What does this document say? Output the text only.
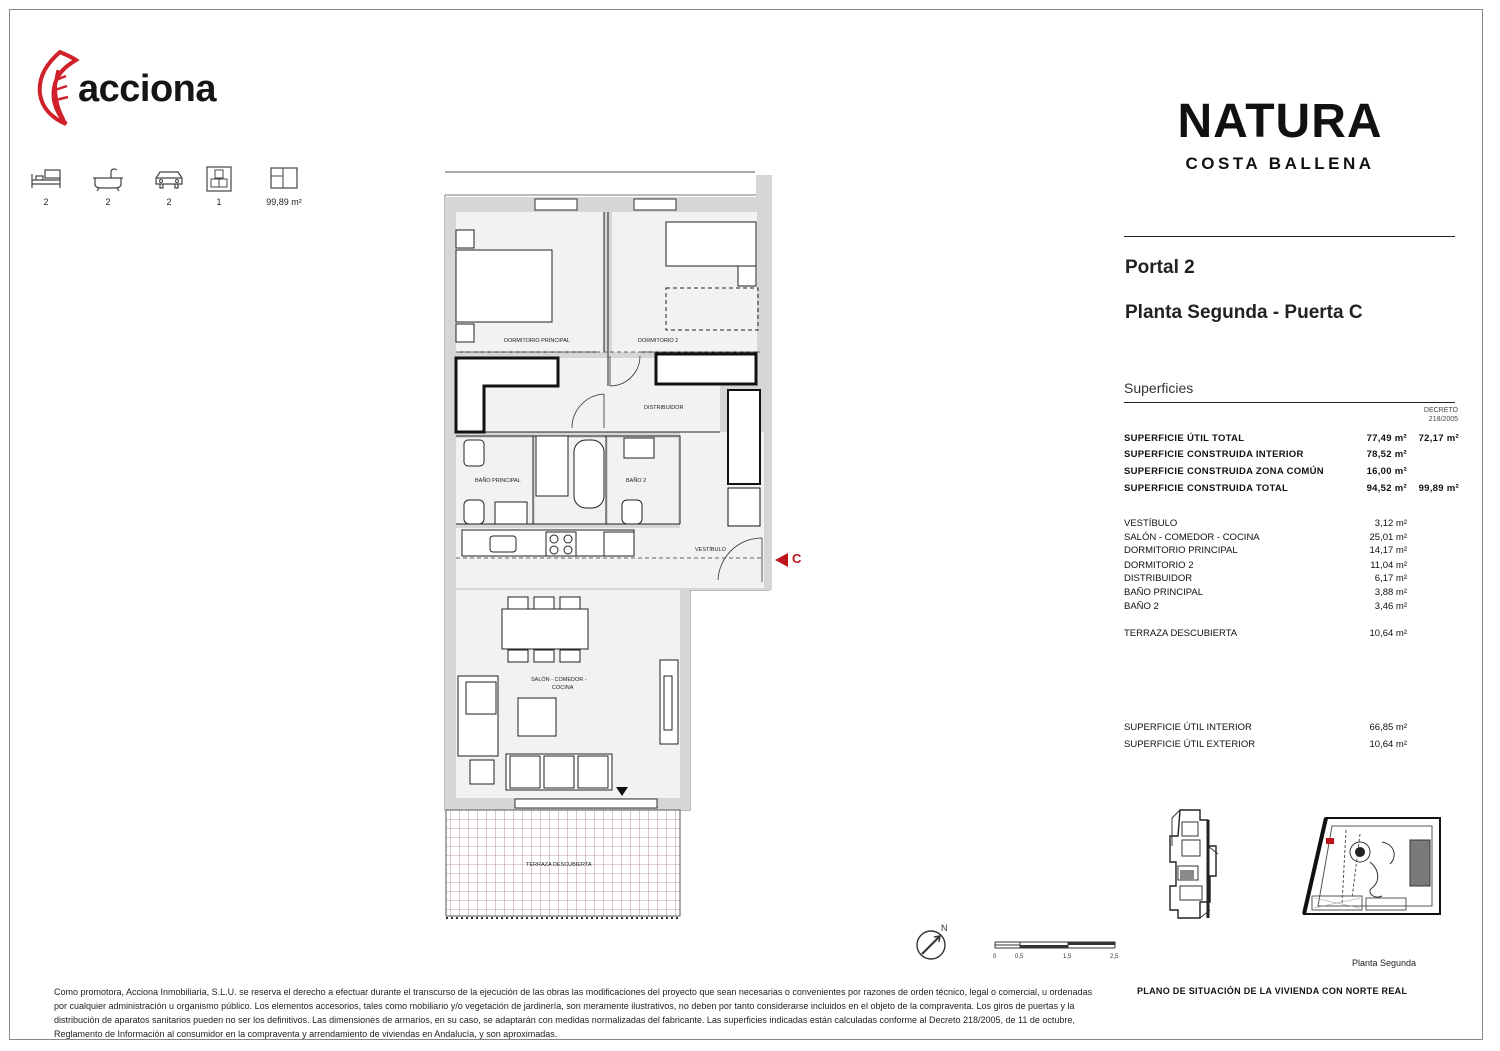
acciona
2	2	2	1	99,89 m²
NATURA
COSTA BALLENA
Portal 2
Planta Segunda - Puerta C
Superficies
DECRETO 218/2005
SUPERFICIE ÚTIL TOTAL	77,49 m² 72,17 m²
SUPERFICIE CONSTRUIDA INTERIOR	78,52 m²
SUPERFICIE CONSTRUIDA ZONA COMÚN	16,00 m²
SUPERFICIE CONSTRUIDA TOTAL	94,52 m² 99,89 m²
VESTÍBULO	3,12 m²
SALÓN - COMEDOR - COCINA	25,01 m²
DORMITORIO PRINCIPAL	14,17 m²
DORMITORIO 2	11,04 m²
DISTRIBUIDOR	6,17 m²
BAÑO PRINCIPAL	3,88 m²
BAÑO 2	3,46 m²
TERRAZA DESCUBIERTA	10,64 m²
SUPERFICIE ÚTIL INTERIOR	66,85 m²
SUPERFICIE ÚTIL EXTERIOR	10,64 m²
DORMITORIO PRINCIPAL	DORMITORIO 2
DISTRIBUIDOR
BAÑO PRINCIPAL	BAÑO 2
VESTÍBULO
SALÓN - COMEDOR -
COCINA
TERRAZA DESCUBIERTA
C
N
0	0,5	1,5	2,5
Planta Segunda
PLANO DE SITUACIÓN DE LA VIVIENDA CON NORTE REAL
Como promotora, Acciona Inmobiliaria, S.L.U. se reserva el derecho a efectuar durante el transcurso de la ejecución de las obras las modificaciones del proyecto que sean necesarias o convenientes por razones de orden técnico, legal o comercial, u ordenadas por cualquier administración u organismo público. Los elementos accesorios, tales como mobiliario y/o vegetación de jardinería, son meramente ilustrativos, no deben por tanto considerarse incluidos en el objeto de la compraventa. Los giros de puertas y la distribución de aparatos sanitarios pueden no ser los definitivos. Las dimensiones de armarios, en su caso, se adaptarán con medidas normalizadas del fabricante. Las superficies indicadas están calculadas conforme al Decreto 218/2005, de 11 de octubre, Reglamento de Información al consumidor en la compraventa y arrendamiento de viviendas en Andalucía, y son aproximadas.
